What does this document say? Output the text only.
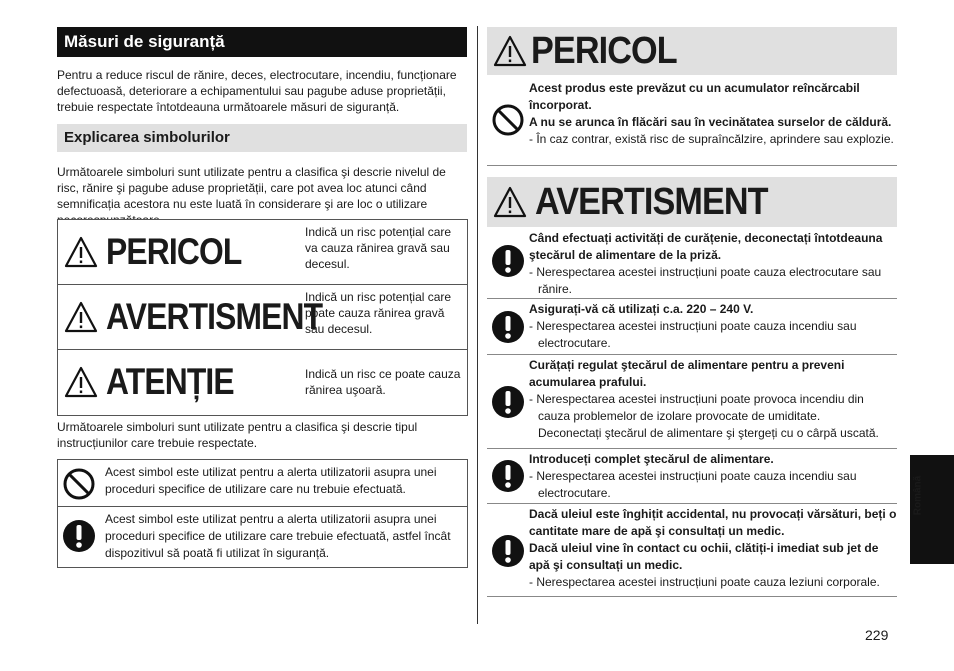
Măsuri de siguranță
Pentru a reduce riscul de rănire, deces, electrocutare, incendiu, funcționare defectuoasă, deteriorare a echipamentului sau pagube aduse proprietății, trebuie respectate întotdeauna următoarele măsuri de siguranță.
Explicarea simbolurilor
Următoarele simboluri sunt utilizate pentru a clasifica şi descrie nivelul de risc, rănire şi pagube aduse proprietății, care pot avea loc atunci când semnificația acestora nu este luată în considerare şi are loc o utilizare
PERICOL	Indică un risc potențial care va cauza rănirea gravă sau decesul.
AVERTISMENT
Indică un risc potențial care poate cauza rănirea gravă sau decesul.
ATENȚIE	Indică un risc ce poate cauza rănirea uşoară.
Următoarele simboluri sunt utilizate pentru a clasifica şi descrie tipul instrucțiunilor care trebuie respectate.
Acest simbol este utilizat pentru a alerta utilizatorii asupra unei proceduri specifice de utilizare care nu trebuie efectuată.
Acest simbol este utilizat pentru a alerta utilizatorii asupra unei proceduri specifice de utilizare care trebuie efectuată, astfel încât dispozitivul să poată fi utilizat în siguranță.
PERICOL
Acest produs este prevăzut cu un acumulator reîncărcabil încorporat.
A nu se arunca în flăcări sau în vecinătatea surselor de căldură.
- În caz contrar, există risc de supraîncălzire, aprindere sau explozie.
AVERTISMENT
Când efectuați activități de curățenie, deconectați întotdeauna ştecărul de alimentare de la priză.
- Nerespectarea acestei instrucțiuni poate cauza electrocutare sau rănire.
Asigurați-vă că utilizați c.a. 220 – 240 V.
- Nerespectarea acestei instrucțiuni poate cauza incendiu sau electrocutare.
Curățați regulat ştecărul de alimentare pentru a preveni acumularea prafului.
- Nerespectarea acestei instrucțiuni poate provoca incendiu din cauza problemelor de izolare provocate de umiditate.
Deconectați ştecărul de alimentare şi ştergeți cu o cârpă uscată.
Introduceți complet ştecărul de alimentare.
- Nerespectarea acestei instrucțiuni poate cauza incendiu sau electrocutare.
Dacă uleiul este înghițit accidental, nu provocați vărsături, beți o cantitate mare de apă şi consultați un medic.
Dacă uleiul vine în contact cu ochii, clătiți-i imediat sub jet de apă şi consultați un medic.
- Nerespectarea acestei instrucțiuni poate cauza leziuni corporale.
Română
229
